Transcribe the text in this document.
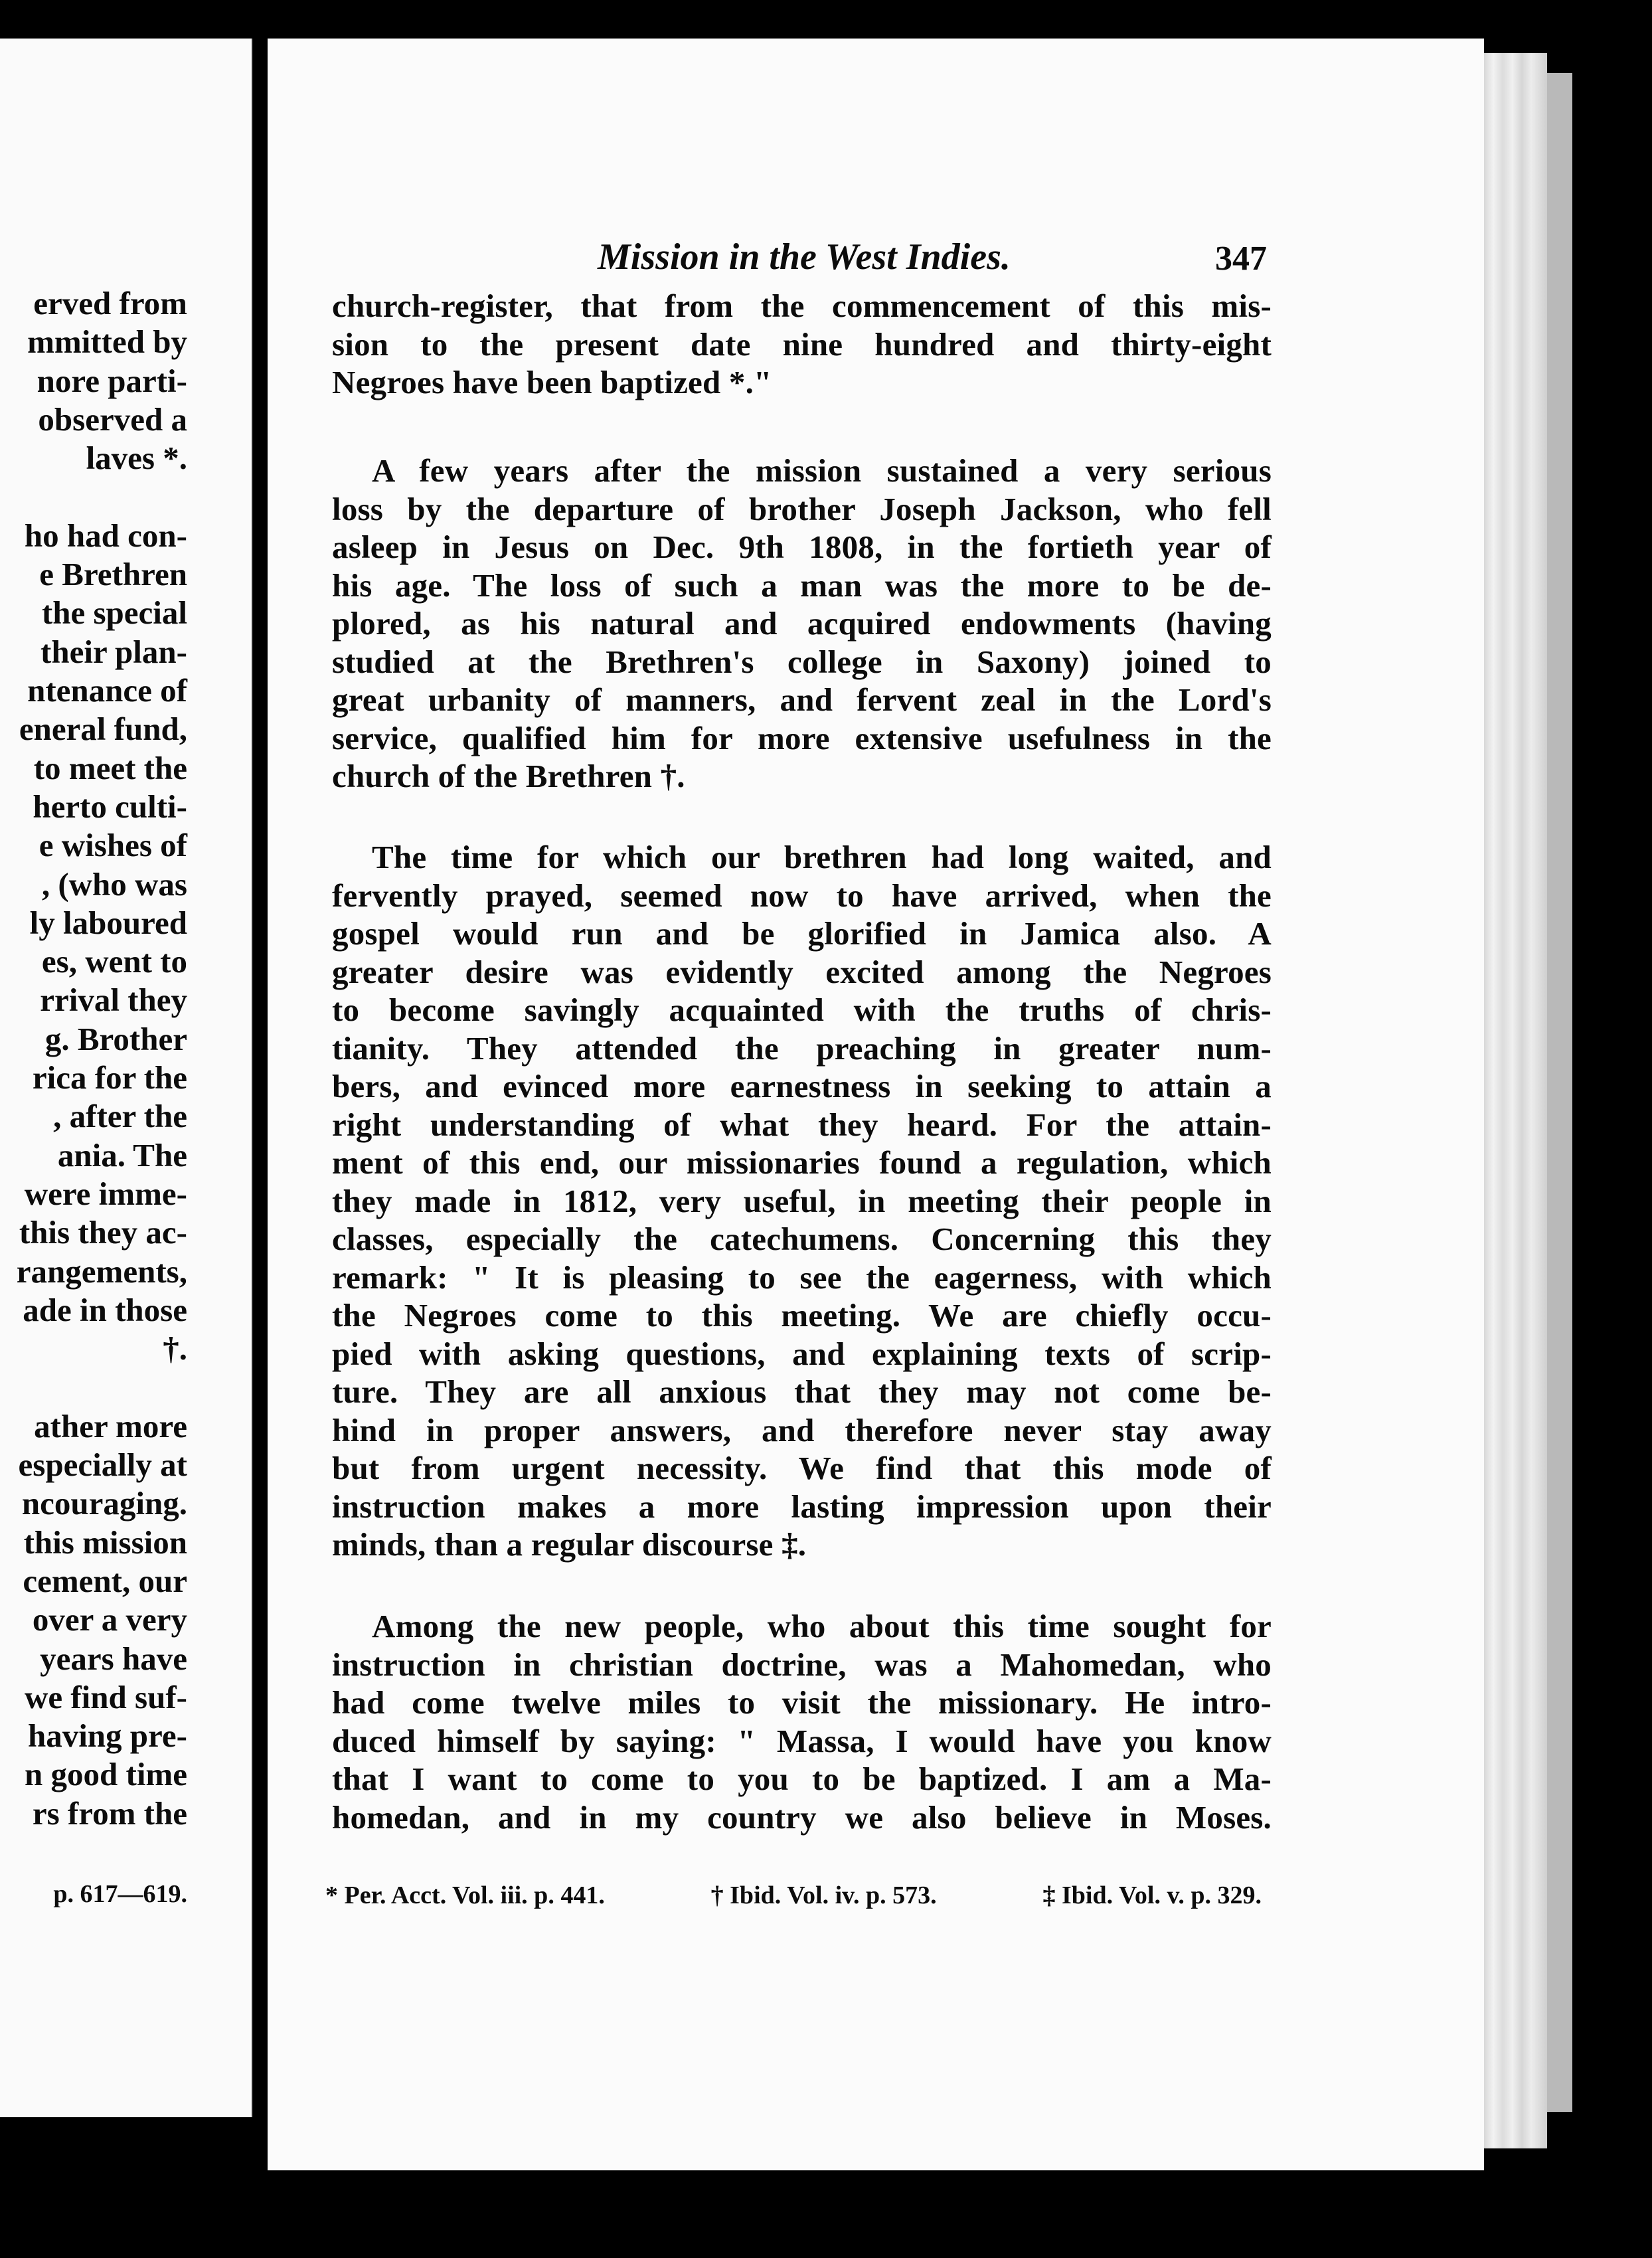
erved from
mmitted by
nore parti-
observed a
laves *.
ho had con-
e Brethren
the special
their plan-
ntenance of
eneral fund,
to meet the
herto culti-
e wishes of
, (who was
ly laboured
es, went to
rrival they
g. Brother
rica for the
, after the
ania. The
were imme-
this they ac-
rangements,
ade in those
†.
ather more
especially at
ncouraging.
this mission
cement, our
over a very
years have
we find suf-
having pre-
n good time
rs from the
p. 617—619.
Mission in the West Indies.	347
church-register, that from the commencement of this mis-
sion to the present date nine hundred and thirty-eight
Negroes have been baptized *."
A few years after the mission sustained a very serious
loss by the departure of brother Joseph Jackson, who fell
asleep in Jesus on Dec. 9th 1808, in the fortieth year of
his age. The loss of such a man was the more to be de-
plored, as his natural and acquired endowments (having
studied at the Brethren's college in Saxony) joined to
great urbanity of manners, and fervent zeal in the Lord's
service, qualified him for more extensive usefulness in the
church of the Brethren †.
The time for which our brethren had long waited, and
fervently prayed, seemed now to have arrived, when the
gospel would run and be glorified in Jamica also. A
greater desire was evidently excited among the Negroes
to become savingly acquainted with the truths of chris-
tianity. They attended the preaching in greater num-
bers, and evinced more earnestness in seeking to attain a
right understanding of what they heard. For the attain-
ment of this end, our missionaries found a regulation, which
they made in 1812, very useful, in meeting their people in
classes, especially the catechumens. Concerning this they
remark: " It is pleasing to see the eagerness, with which
the Negroes come to this meeting. We are chiefly occu-
pied with asking questions, and explaining texts of scrip-
ture. They are all anxious that they may not come be-
hind in proper answers, and therefore never stay away
but from urgent necessity. We find that this mode of
instruction makes a more lasting impression upon their
minds, than a regular discourse ‡.
Among the new people, who about this time sought for
instruction in christian doctrine, was a Mahomedan, who
had come twelve miles to visit the missionary. He intro-
duced himself by saying: " Massa, I would have you know
that I want to come to you to be baptized. I am a Ma-
homedan, and in my country we also believe in Moses.
* Per. Acct. Vol. iii. p. 441.	† Ibid. Vol. iv. p. 573.	‡ Ibid. Vol. v. p. 329.
